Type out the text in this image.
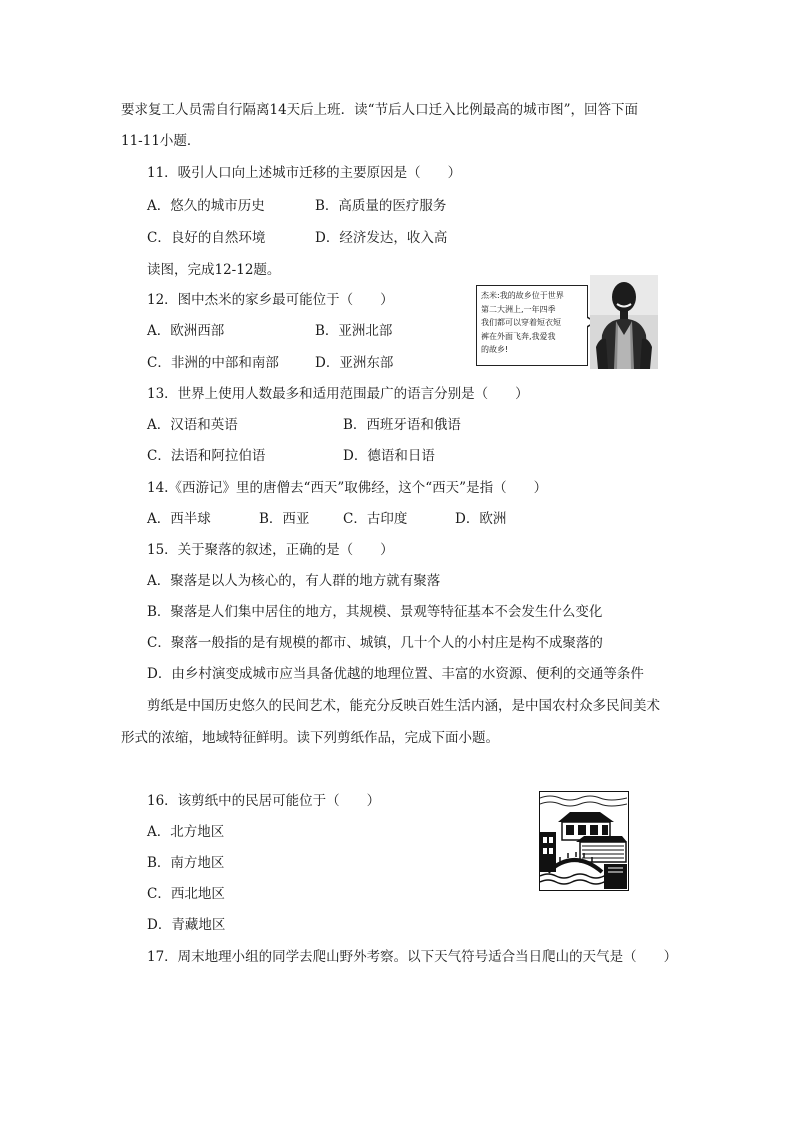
要求复工人员需自行隔离14天后上班．读“节后人口迁入比例最高的城市图”，回答下面
11-11小题．
11．吸引人口向上述城市迁移的主要原因是（　　）
A．悠久的城市历史	B．高质量的医疗服务
C．良好的自然环境	D．经济发达，收入高
读图，完成12-12题。
12．图中杰米的家乡最可能位于（　　）
A．欧洲西部	B．亚洲北部
C．非洲的中部和南部	D．亚洲东部
杰米:我的故乡位于世界
第二大洲上,一年四季
我们都可以穿着短衣短
裤在外面飞奔,我爱我
的故乡!
13．世界上使用人数最多和适用范围最广的语言分别是（　　）
A．汉语和英语	B．西班牙语和俄语
C．法语和阿拉伯语	D．德语和日语
14.《西游记》里的唐僧去“西天”取佛经，这个“西天”是指（　　）
A．西半球	B．西亚 C．古印度	D．欧洲
15．关于聚落的叙述，正确的是（　　）
A．聚落是以人为核心的，有人群的地方就有聚落
B．聚落是人们集中居住的地方，其规模、景观等特征基本不会发生什么变化
C．聚落一般指的是有规模的都市、城镇，几十个人的小村庄是构不成聚落的
D．由乡村演变成城市应当具备优越的地理位置、丰富的水资源、便利的交通等条件
剪纸是中国历史悠久的民间艺术，能充分反映百姓生活内涵，是中国农村众多民间美术
形式的浓缩，地域特征鲜明。读下列剪纸作品，完成下面小题。
16．该剪纸中的民居可能位于（　　）
A．北方地区
B．南方地区
C．西北地区
D．青藏地区
17．周末地理小组的同学去爬山野外考察。以下天气符号适合当日爬山的天气是（　　）
